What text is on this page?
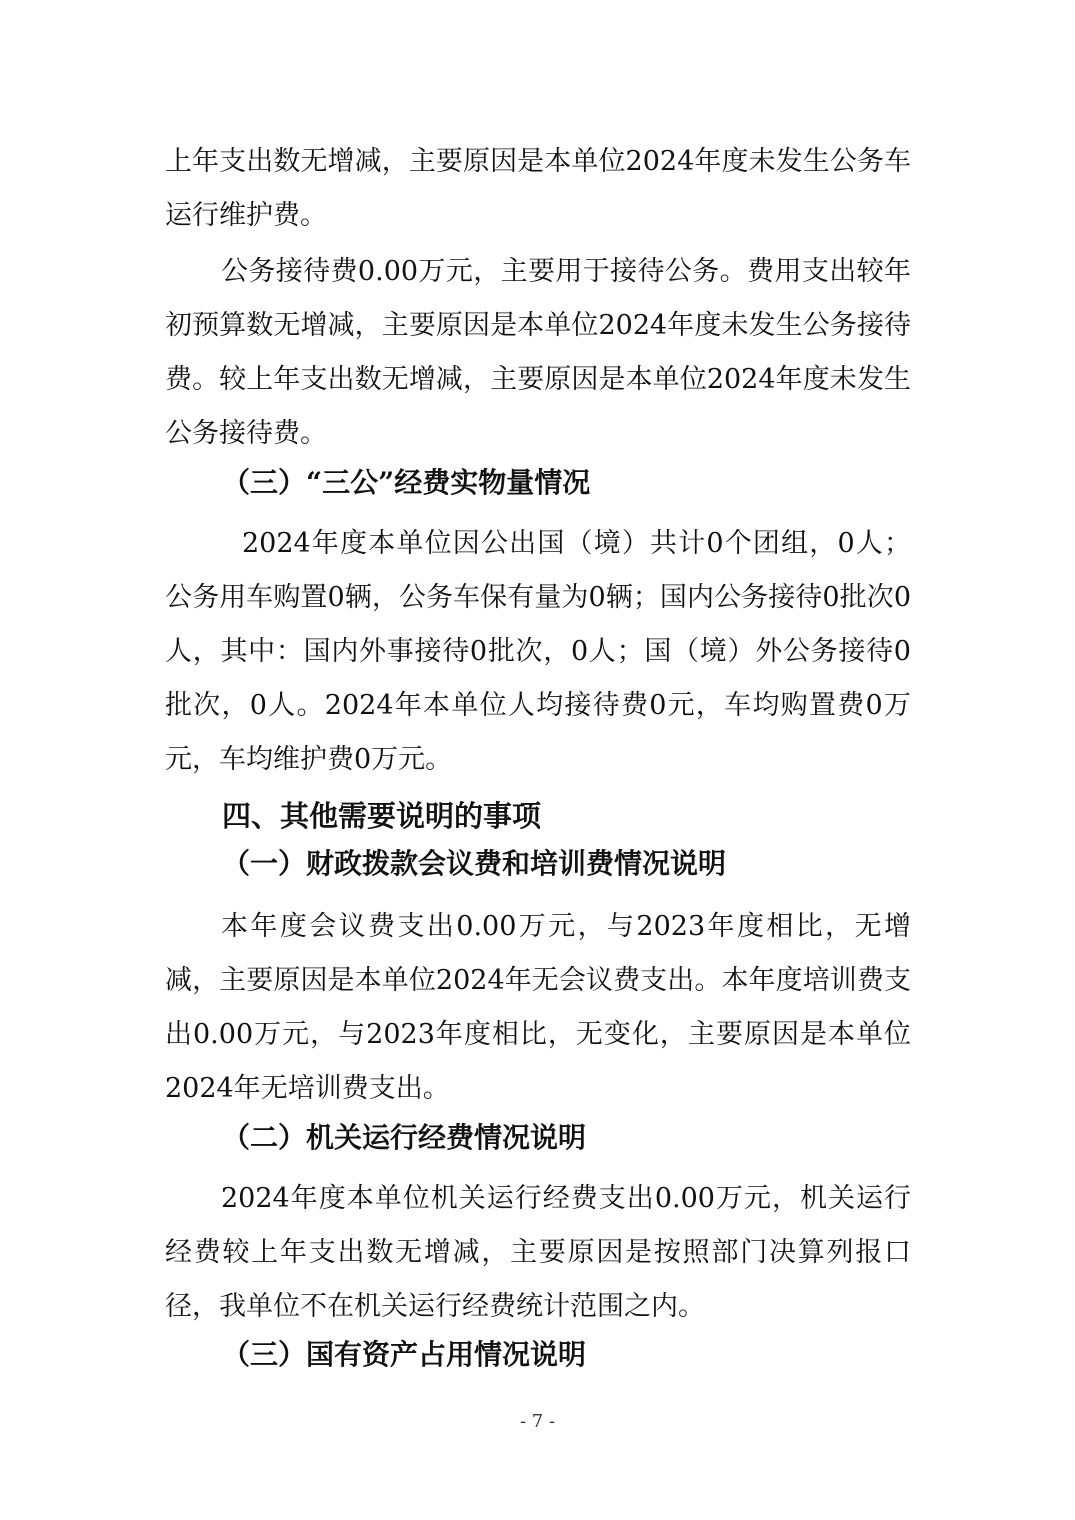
上年支出数无增减，主要原因是本单位2024年度未发生公务车运行维护费。

公务接待费0.00万元，主要用于接待公务。费用支出较年初预算数无增减，主要原因是本单位2024年度未发生公务接待费。较上年支出数无增减，主要原因是本单位2024年度未发生公务接待费。

（三）“三公”经费实物量情况

2024年度本单位因公出国（境）共计0个团组，0人；公务用车购置0辆，公务车保有量为0辆；国内公务接待0批次0人，其中：国内外事接待0批次，0人；国（境）外公务接待0批次，0人。2024年本单位人均接待费0元，车均购置费0万元，车均维护费0万元。

四、其他需要说明的事项

（一）财政拨款会议费和培训费情况说明

本年度会议费支出0.00万元，与2023年度相比，无增减，主要原因是本单位2024年无会议费支出。本年度培训费支出0.00万元，与2023年度相比，无变化，主要原因是本单位2024年无培训费支出。

（二）机关运行经费情况说明

2024年度本单位机关运行经费支出0.00万元，机关运行经费较上年支出数无增减，主要原因是按照部门决算列报口径，我单位不在机关运行经费统计范围之内。

（三）国有资产占用情况说明

- 7 -
